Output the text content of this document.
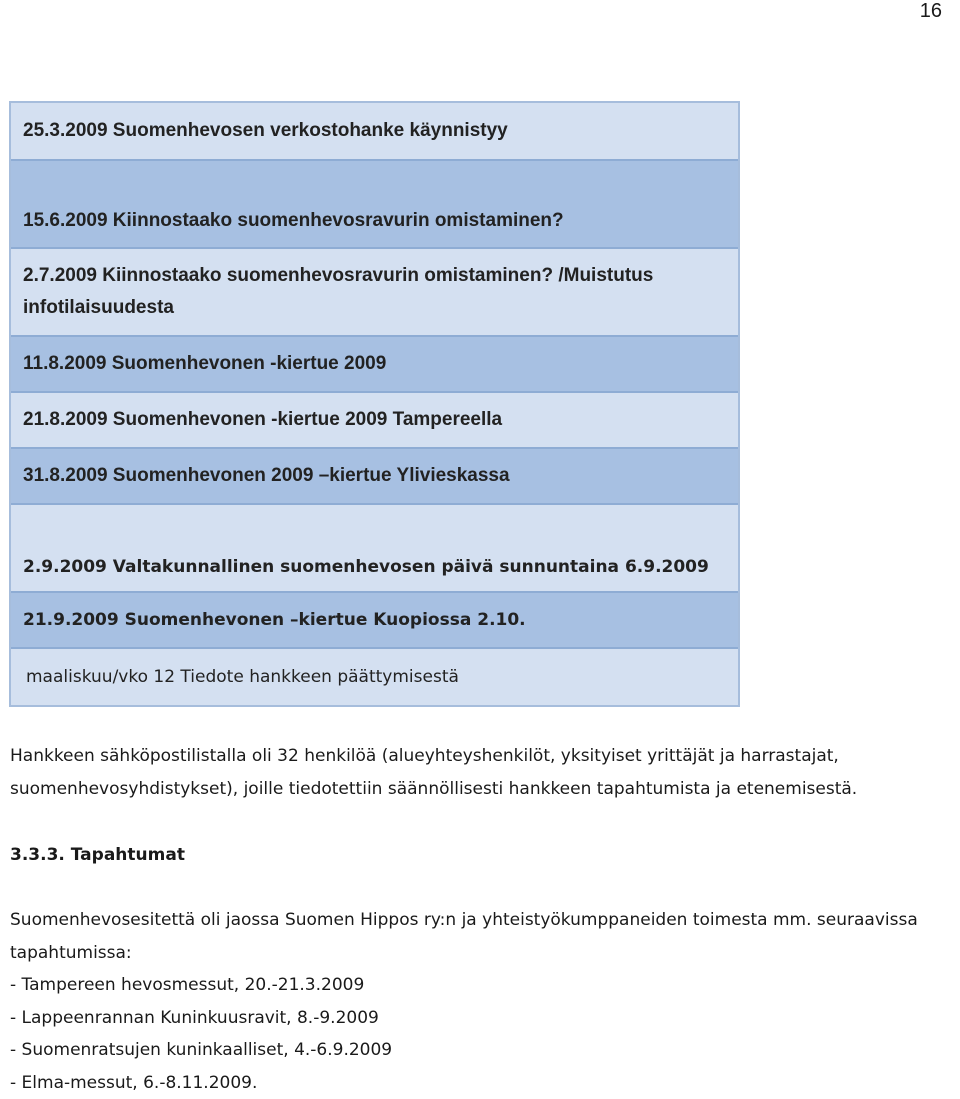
16
25.3.2009 Suomenhevosen verkostohanke käynnistyy
15.6.2009 Kiinnostaako suomenhevosravurin omistaminen?
2.7.2009 Kiinnostaako suomenhevosravurin omistaminen? /Muistutus infotilaisuudesta
11.8.2009 Suomenhevonen -kiertue 2009
21.8.2009 Suomenhevonen -kiertue 2009 Tampereella
31.8.2009 Suomenhevonen 2009 –kiertue Ylivieskassa
2.9.2009 Valtakunnallinen suomenhevosen päivä sunnuntaina 6.9.2009
21.9.2009 Suomenhevonen –kiertue Kuopiossa 2.10.
maaliskuu/vko 12 Tiedote hankkeen päättymisestä
Hankkeen sähköpostilistalla oli 32 henkilöä (alueyhteyshenkilöt, yksityiset yrittäjät ja harrastajat, suomenhevosyhdistykset), joille tiedotettiin säännöllisesti hankkeen tapahtumista ja etenemisestä.
3.3.3. Tapahtumat
Suomenhevosesitettä oli jaossa Suomen Hippos ry:n ja yhteistyökumppaneiden toimesta mm. seuraavissa tapahtumissa:
- Tampereen hevosmessut, 20.-21.3.2009
- Lappeenrannan Kuninkuusravit, 8.-9.2009
- Suomenratsujen kuninkaalliset, 4.-6.9.2009
- Elma-messut, 6.-8.11.2009.
